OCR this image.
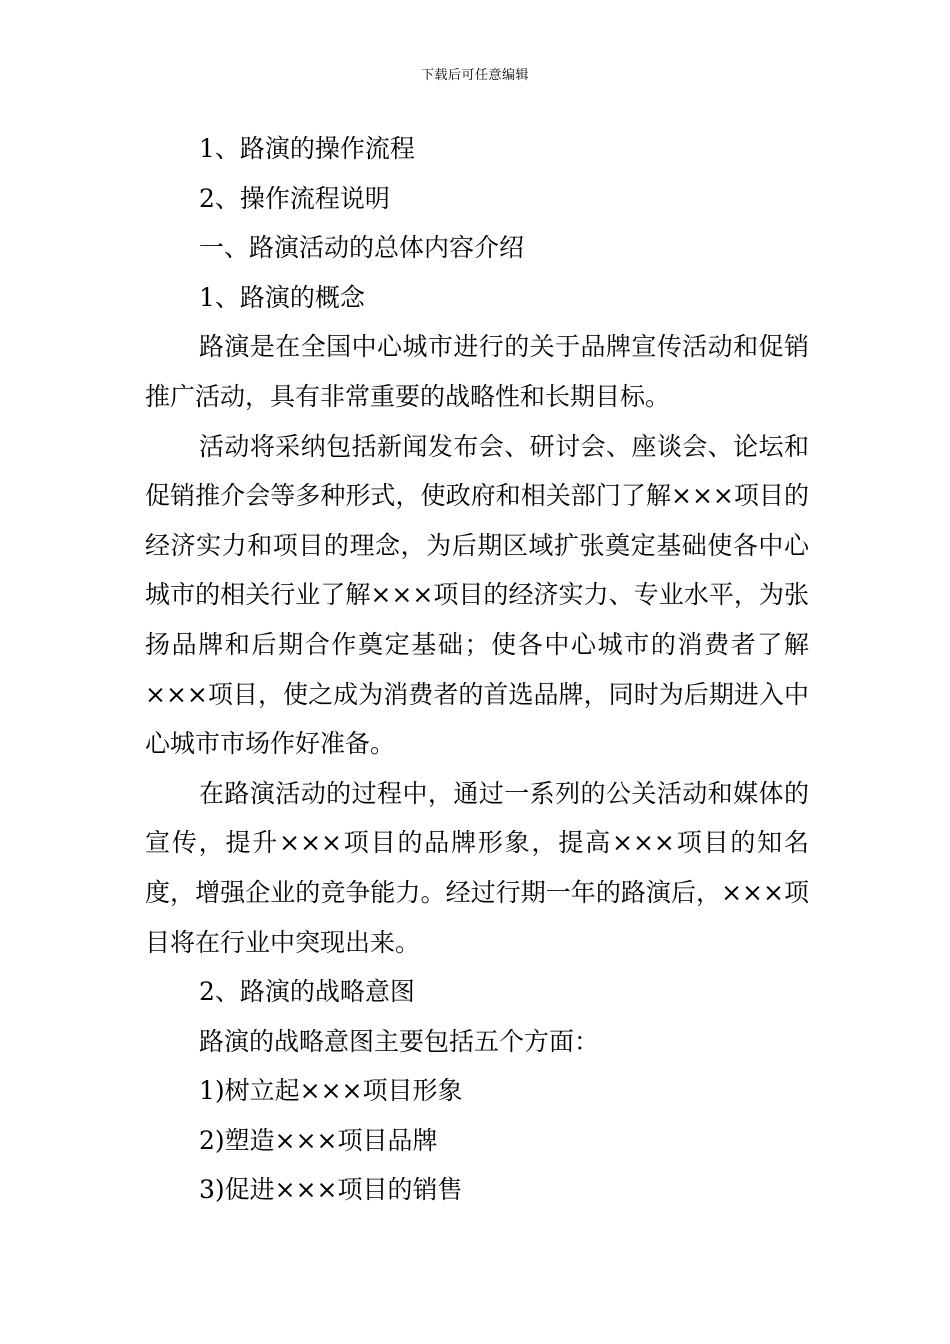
下载后可任意编辑

1、路演的操作流程

2、操作流程说明

一、路演活动的总体内容介绍

1、路演的概念

路演是在全国中心城市进行的关于品牌宣传活动和促销推广活动，具有非常重要的战略性和长期目标。

活动将采纳包括新闻发布会、研讨会、座谈会、论坛和促销推介会等多种形式，使政府和相关部门了解×××项目的经济实力和项目的理念，为后期区域扩张奠定基础使各中心城市的相关行业了解×××项目的经济实力、专业水平，为张扬品牌和后期合作奠定基础；使各中心城市的消费者了解×××项目，使之成为消费者的首选品牌，同时为后期进入中心城市市场作好准备。

在路演活动的过程中，通过一系列的公关活动和媒体的宣传，提升×××项目的品牌形象，提高×××项目的知名度，增强企业的竞争能力。经过行期一年的路演后，×××项目将在行业中突现出来。

2、路演的战略意图

路演的战略意图主要包括五个方面：

1)树立起×××项目形象

2)塑造×××项目品牌

3)促进×××项目的销售
